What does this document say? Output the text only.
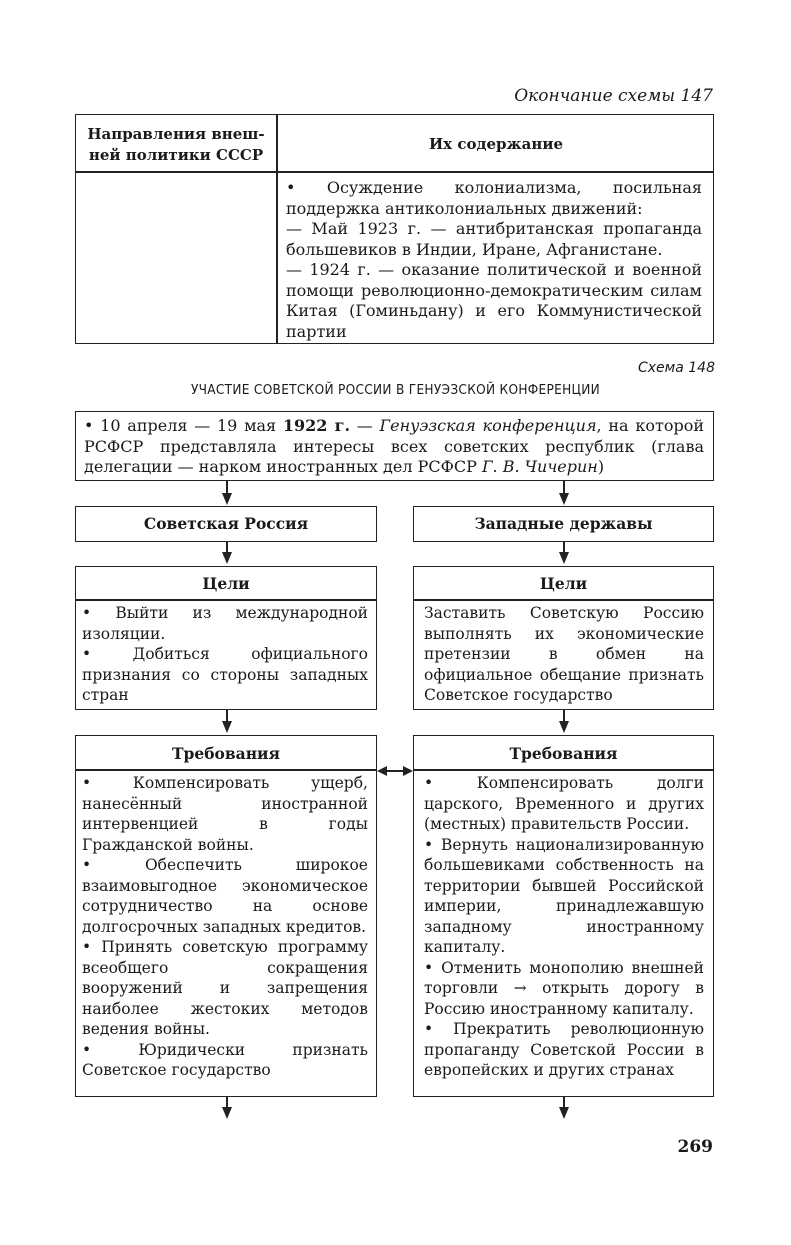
Окончание схемы 147
Направления внеш-ней политики СССР
Их содержание

• Осуждение колониализма, посильная поддержка антиколониальных движений:

— Май 1923 г. — антибританская пропаганда большевиков в Индии, Иране, Афганистане.

— 1924 г. — оказание политической и военной помощи революционно-демократическим силам Китая (Гоминьдану) и его Коммунистической партии

Схема 148
УЧАСТИЕ СОВЕТСКОЙ РОССИИ В ГЕНУЭЗСКОЙ КОНФЕРЕНЦИИ
• 10 апреля — 19 мая 1922 г. — Генуэзская конференция, на которой РСФСР представляла интересы всех советских республик (глава делегации — нарком иностранных дел РСФСР Г. В. Чичерин)
Советская Россия	Западные державы
Цели

• Выйти из международной изоляции.

• Добиться официального признания со стороны западных стран

Цели

Заставить Советскую Россию выполнять их экономические претензии в обмен на официальное обещание признать Советское государство

Требования

• Компенсировать ущерб, нанесённый иностранной интервенцией в годы Гражданской войны.

• Обеспечить широкое взаимовыгодное экономическое сотрудничество на основе долгосрочных западных кредитов.

• Принять советскую программу всеобщего сокращения вооружений и запрещения наиболее жестоких методов ведения войны.

• Юридически признать Советское государство

Требования

• Компенсировать долги царского, Временного и других (местных) правительств России.

• Вернуть национализированную большевиками собственность на территории бывшей Российской империи, принадлежавшую западному иностранному капиталу.

• Отменить монополию внешней торговли → открыть дорогу в Россию иностранному капиталу.

• Прекратить революционную пропаганду Советской России в европейских и других странах

269
